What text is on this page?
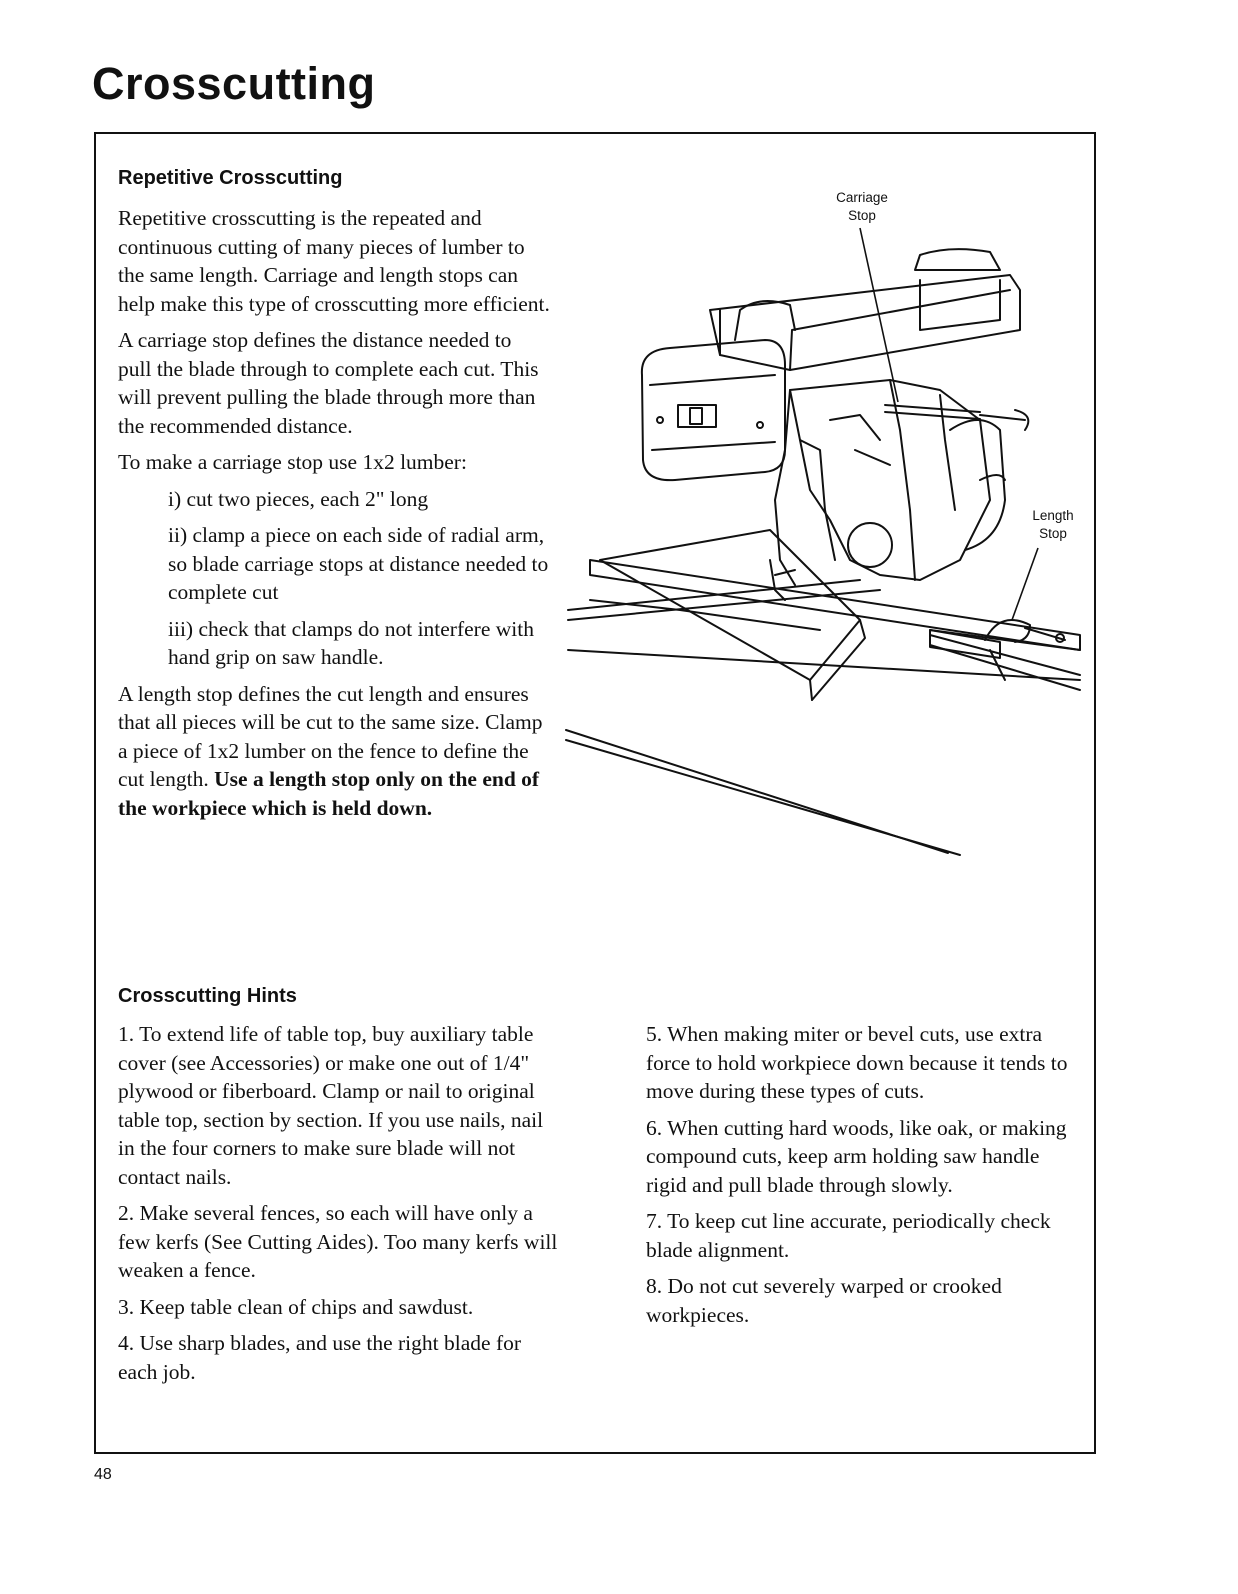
Crosscutting
Repetitive Crosscutting

Repetitive crosscutting is the repeated and continuous cutting of many pieces of lumber to the same length. Carriage and length stops can help make this type of crosscutting more efficient.

A carriage stop defines the distance needed to pull the blade through to complete each cut. This will prevent pulling the blade through more than the recommended distance.

To make a carriage stop use 1x2 lumber:

i) cut two pieces, each 2" long

ii) clamp a piece on each side of radial arm, so blade carriage stops at distance needed to complete cut

iii) check that clamps do not interfere with hand grip on saw handle.

A length stop defines the cut length and ensures that all pieces will be cut to the same size. Clamp a piece of 1x2 lumber on the fence to define the cut length. Use a length stop only on the end of the workpiece which is held down.

Carriage
Stop
Length
Stop
Crosscutting Hints

1. To extend life of table top, buy auxiliary table cover (see Accessories) or make one out of 1/4" plywood or fiberboard. Clamp or nail to original table top, section by section. If you use nails, nail in the four corners to make sure blade will not contact nails.

2. Make several fences, so each will have only a few kerfs (See Cutting Aides). Too many kerfs will weaken a fence.

3. Keep table clean of chips and sawdust.

4. Use sharp blades, and use the right blade for each job.

5. When making miter or bevel cuts, use extra force to hold workpiece down because it tends to move during these types of cuts.

6. When cutting hard woods, like oak, or making compound cuts, keep arm holding saw handle rigid and pull blade through slowly.

7. To keep cut line accurate, periodically check blade alignment.

8. Do not cut severely warped or crooked workpieces.

48
